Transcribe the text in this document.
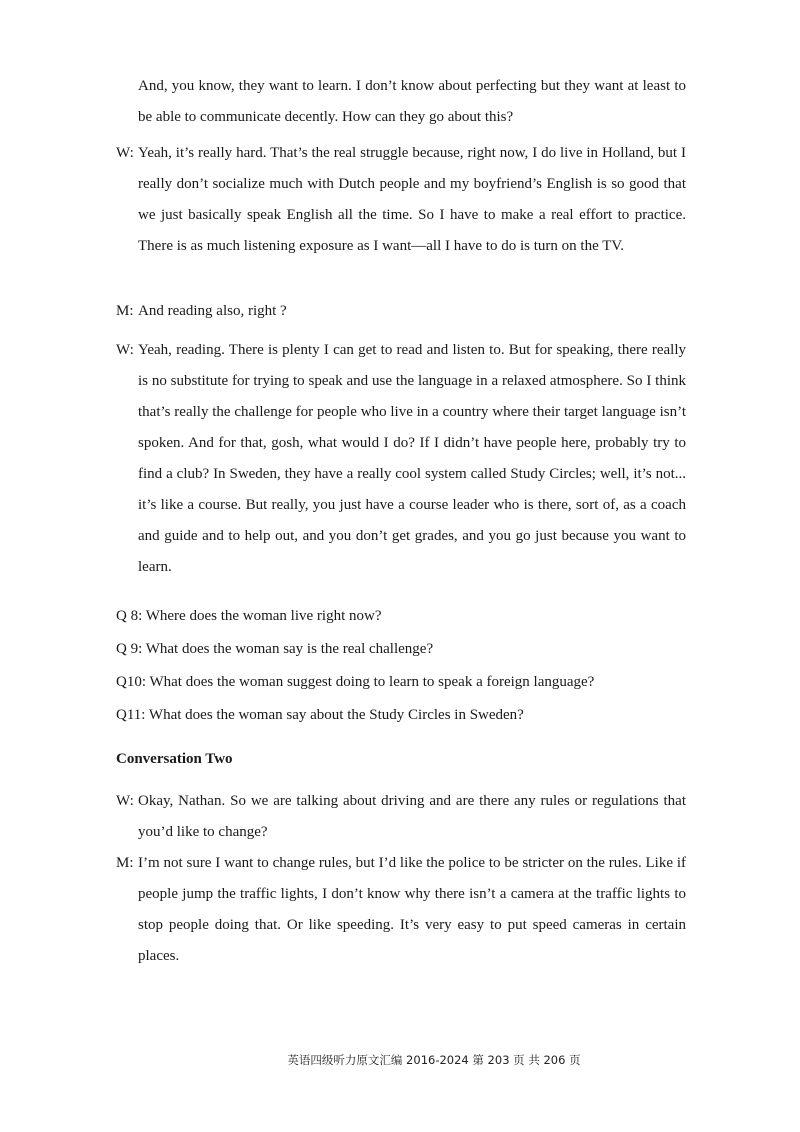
And, you know, they want to learn. I don’t know about perfecting but they want at least to be able to communicate decently. How can they go about this?
W: Yeah, it’s really hard. That’s the real struggle because, right now, I do live in Holland, but I really don’t socialize much with Dutch people and my boyfriend’s English is so good that we just basically speak English all the time. So I have to make a real effort to practice. There is as much listening exposure as I want—all I have to do is turn on the TV.
M: And reading also, right ?
W: Yeah, reading. There is plenty I can get to read and listen to. But for speaking, there really is no substitute for trying to speak and use the language in a relaxed atmosphere. So I think that’s really the challenge for people who live in a country where their target language isn’t spoken. And for that, gosh, what would I do? If I didn’t have people here, probably try to find a club? In Sweden, they have a really cool system called Study Circles; well, it’s not... it’s like a course. But really, you just have a course leader who is there, sort of, as a coach and guide and to help out, and you don’t get grades, and you go just because you want to learn.
Q 8: Where does the woman live right now?
Q 9: What does the woman say is the real challenge?
Q10: What does the woman suggest doing to learn to speak a foreign language?
Q11: What does the woman say about the Study Circles in Sweden?
Conversation Two
W: Okay, Nathan. So we are talking about driving and are there any rules or regulations that you’d like to change?
M: I’m not sure I want to change rules, but I’d like the police to be stricter on the rules. Like if people jump the traffic lights, I don’t know why there isn’t a camera at the traffic lights to stop people doing that. Or like speeding. It’s very easy to put speed cameras in certain places.
英语四级听力原文汇编 2016-2024 第 203 页 共 206 页
